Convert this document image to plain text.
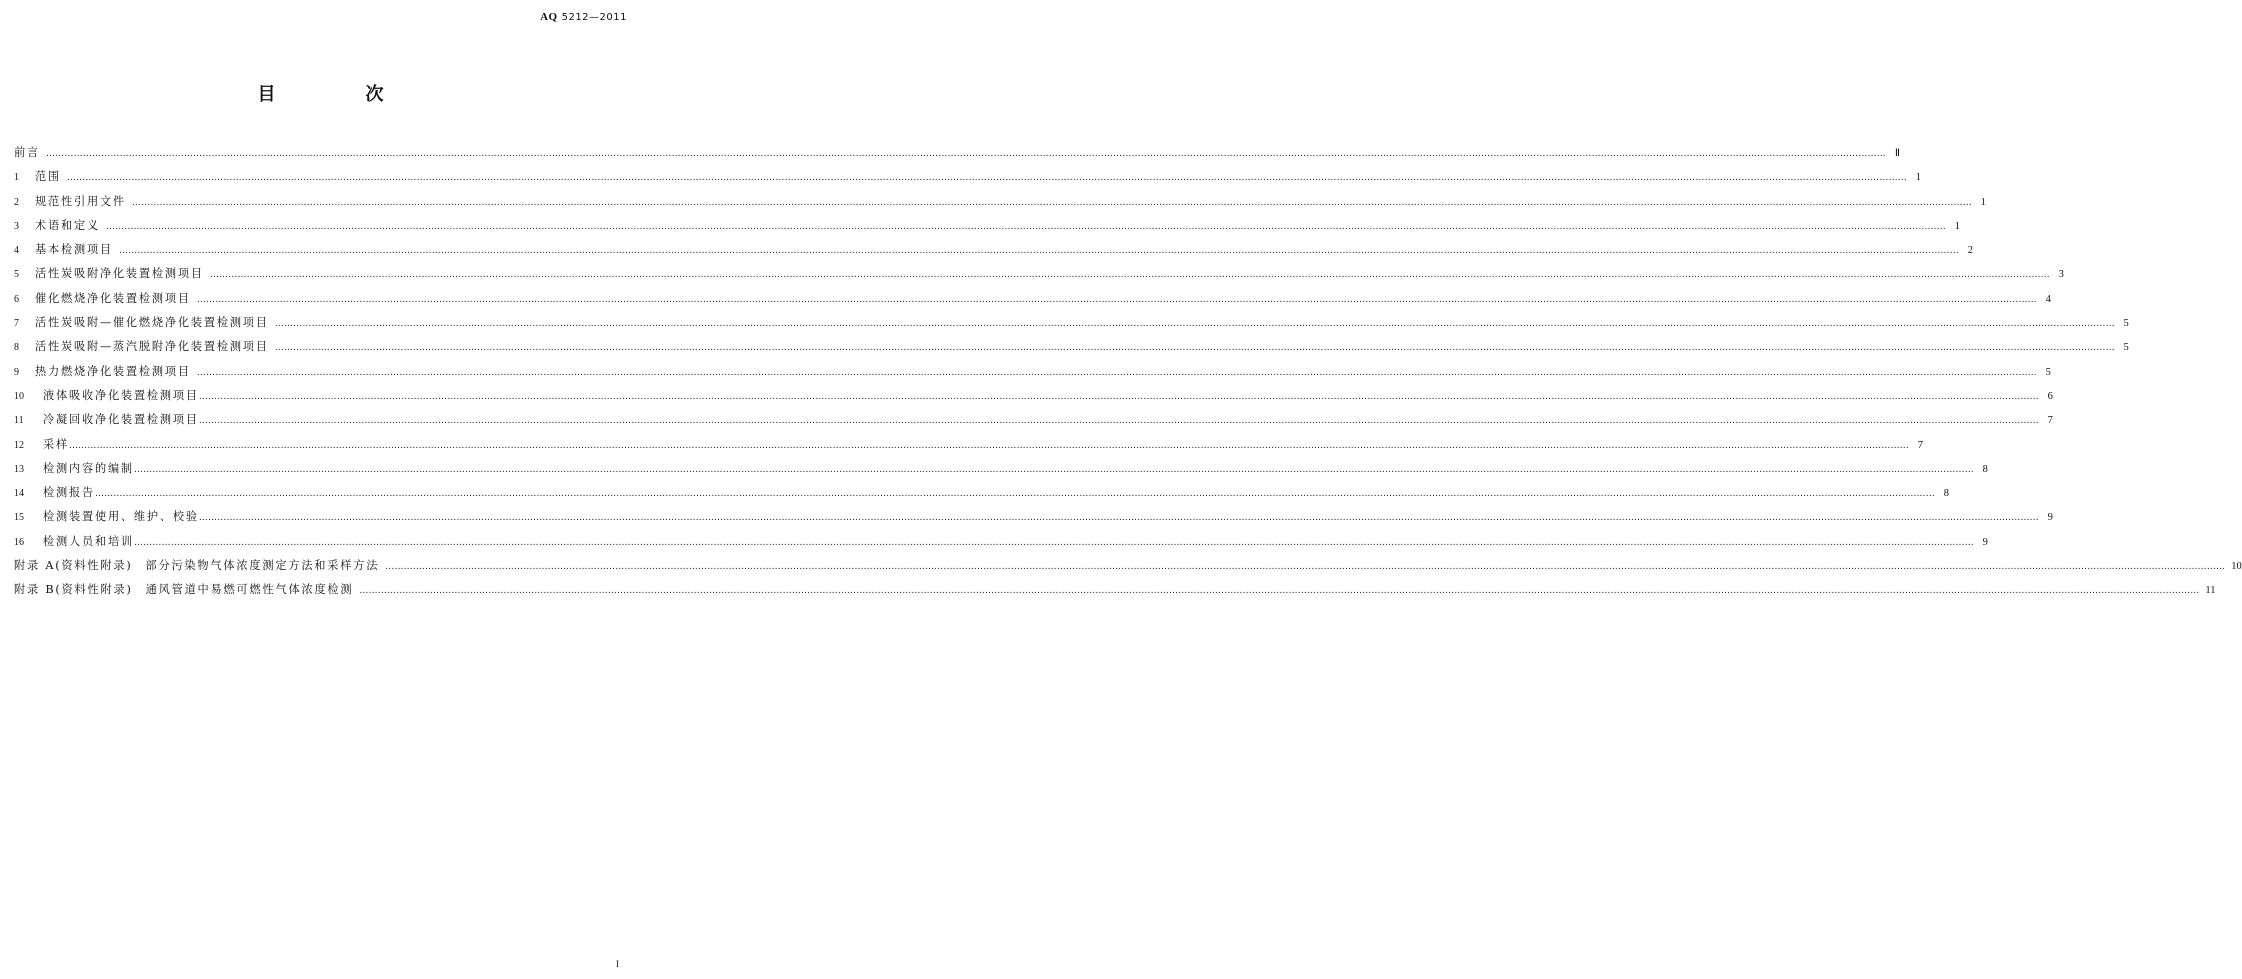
AQ 5212—2011
目　次
前言 …………………………………………………………………………………………………………………………………………………………………………………………………………………………………………………………………………………………………………………………………………………………………………………………………………………………………………………………………………………………………………………………………………………… Ⅱ
1	范围 …………………………………………………………………………………………………………………………………………………………………………………………………………………………………………………………………………………………………………………………………………………………………………………………………………………………………………………………………………………………………………………………………………………… 1
2	规范性引用文件 …………………………………………………………………………………………………………………………………………………………………………………………………………………………………………………………………………………………………………………………………………………………………………………………………………………………………………………………………………………………………………………………………………………… 1
3	术语和定义 …………………………………………………………………………………………………………………………………………………………………………………………………………………………………………………………………………………………………………………………………………………………………………………………………………………………………………………………………………………………………………………………………………………… 1
4	基本检测项目 …………………………………………………………………………………………………………………………………………………………………………………………………………………………………………………………………………………………………………………………………………………………………………………………………………………………………………………………………………………………………………………………………………………… 2
5	活性炭吸附净化装置检测项目 …………………………………………………………………………………………………………………………………………………………………………………………………………………………………………………………………………………………………………………………………………………………………………………………………………………………………………………………………………………………………………………………………………………… 3
6	催化燃烧净化装置检测项目 …………………………………………………………………………………………………………………………………………………………………………………………………………………………………………………………………………………………………………………………………………………………………………………………………………………………………………………………………………………………………………………………………………………… 4
7	活性炭吸附—催化燃烧净化装置检测项目 …………………………………………………………………………………………………………………………………………………………………………………………………………………………………………………………………………………………………………………………………………………………………………………………………………………………………………………………………………………………………………………………………………………… 5
8	活性炭吸附—蒸汽脱附净化装置检测项目 …………………………………………………………………………………………………………………………………………………………………………………………………………………………………………………………………………………………………………………………………………………………………………………………………………………………………………………………………………………………………………………………………………………… 5
9	热力燃烧净化装置检测项目 …………………………………………………………………………………………………………………………………………………………………………………………………………………………………………………………………………………………………………………………………………………………………………………………………………………………………………………………………………………………………………………………………………………… 5
10	液体吸收净化装置检测项目 …………………………………………………………………………………………………………………………………………………………………………………………………………………………………………………………………………………………………………………………………………………………………………………………………………………………………………………………………………………………………………………………………………………… 6
11	冷凝回收净化装置检测项目 …………………………………………………………………………………………………………………………………………………………………………………………………………………………………………………………………………………………………………………………………………………………………………………………………………………………………………………………………………………………………………………………………………………… 7
12	采样 …………………………………………………………………………………………………………………………………………………………………………………………………………………………………………………………………………………………………………………………………………………………………………………………………………………………………………………………………………………………………………………………………………………… 7
13	检测内容的编制 …………………………………………………………………………………………………………………………………………………………………………………………………………………………………………………………………………………………………………………………………………………………………………………………………………………………………………………………………………………………………………………………………………………… 8
14	检测报告 …………………………………………………………………………………………………………………………………………………………………………………………………………………………………………………………………………………………………………………………………………………………………………………………………………………………………………………………………………………………………………………………………………………… 8
15	检测装置使用、维护、校验 …………………………………………………………………………………………………………………………………………………………………………………………………………………………………………………………………………………………………………………………………………………………………………………………………………………………………………………………………………………………………………………………………………………… 9
16	检测人员和培训 …………………………………………………………………………………………………………………………………………………………………………………………………………………………………………………………………………………………………………………………………………………………………………………………………………………………………………………………………………………………………………………………………………………… 9
附录 A(资料性附录)　部分污染物气体浓度测定方法和采样方法 …………………………………………………………………………………………………………………………………………………………………………………………………………………………………………………………………………………………………………………………………………………………………………………………………………………………………………………………………………………………………………………………………………………… 10
附录 B(资料性附录)　通风管道中易燃可燃性气体浓度检测 …………………………………………………………………………………………………………………………………………………………………………………………………………………………………………………………………………………………………………………………………………………………………………………………………………………………………………………………………………………………………………………………………………………… 11
I
